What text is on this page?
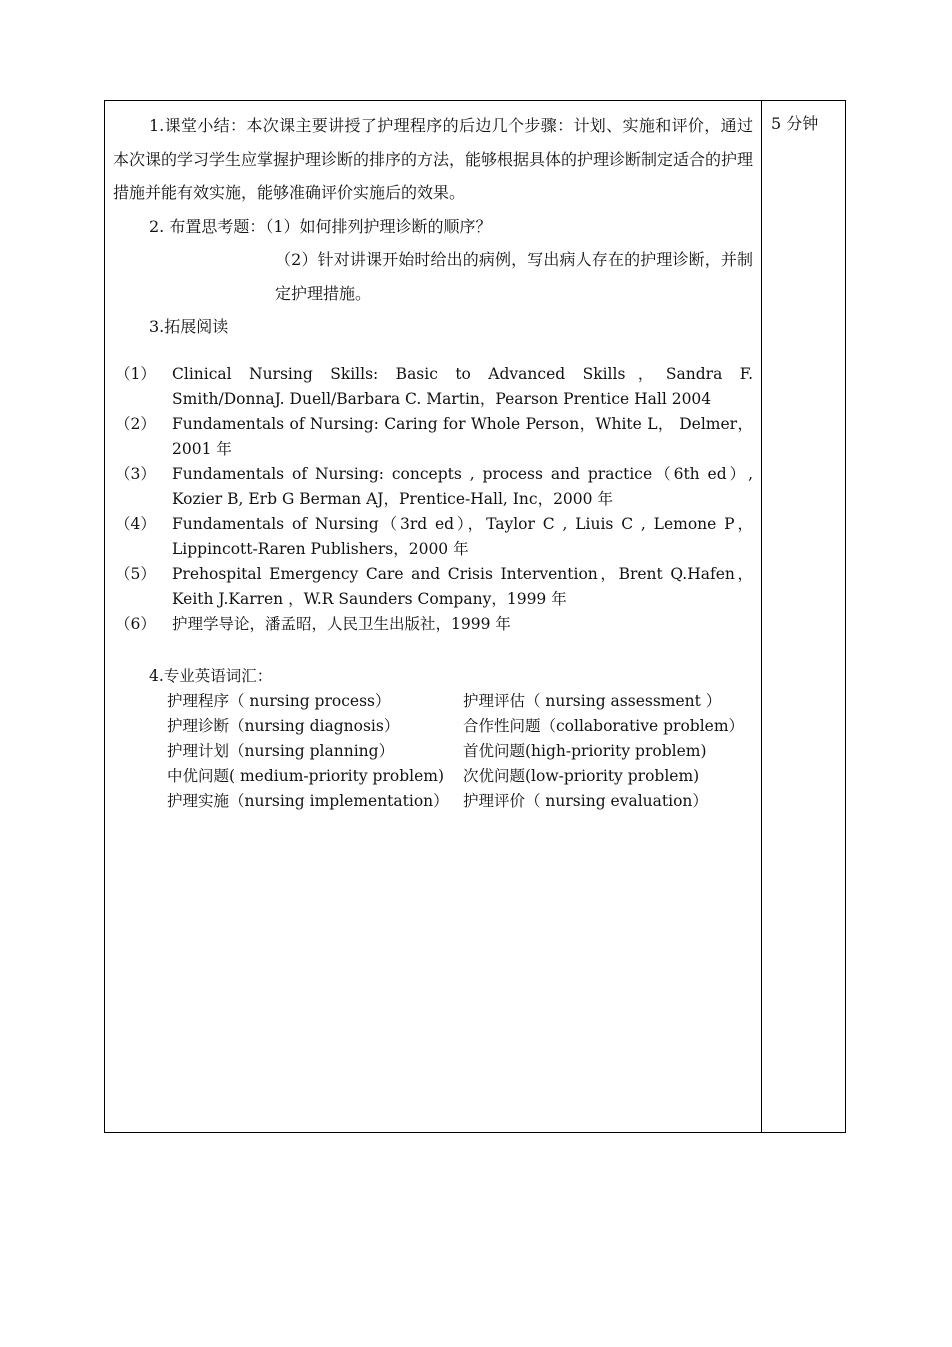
1.课堂小结：本次课主要讲授了护理程序的后边几个步骤：计划、实施和评价，通过本次课的学习学生应掌握护理诊断的排序的方法，能够根据具体的护理诊断制定适合的护理措施并能有效实施，能够准确评价实施后的效果。

2. 布置思考题：（1）如何排列护理诊断的顺序？

（2）针对讲课开始时给出的病例，写出病人存在的护理诊断，并制定护理措施。

3.拓展阅读

（1） Clinical Nursing Skills: Basic to Advanced Skills，Sandra F. Smith/DonnaJ. Duell/Barbara C. Martin，Pearson Prentice Hall 2004
（2） Fundamentals of Nursing: Caring for Whole Person，White L， Delmer，2001 年
（3） Fundamentals of Nursing: concepts , process and practice（6th ed）, Kozier B, Erb G Berman AJ，Prentice-Hall, Inc，2000 年
（4） Fundamentals of Nursing（3rd ed），Taylor C , Liuis C , Lemone P，Lippincott-Raren Publishers，2000 年
（5） Prehospital Emergency Care and Crisis Intervention，Brent Q.Hafen，Keith J.Karren ，W.R Saunders Company，1999 年
（6） 护理学导论，潘孟昭，人民卫生出版社，1999 年

4.专业英语词汇：

护理程序（ nursing process）	护理评估（ nursing assessment ）
护理诊断（nursing diagnosis）	合作性问题（collaborative problem）
护理计划（nursing planning）	首优问题(high-priority problem)
中优问题( medium-priority problem)	次优问题(low-priority problem)
护理实施（nursing implementation） 护理评价（ nursing evaluation）
5 分钟
